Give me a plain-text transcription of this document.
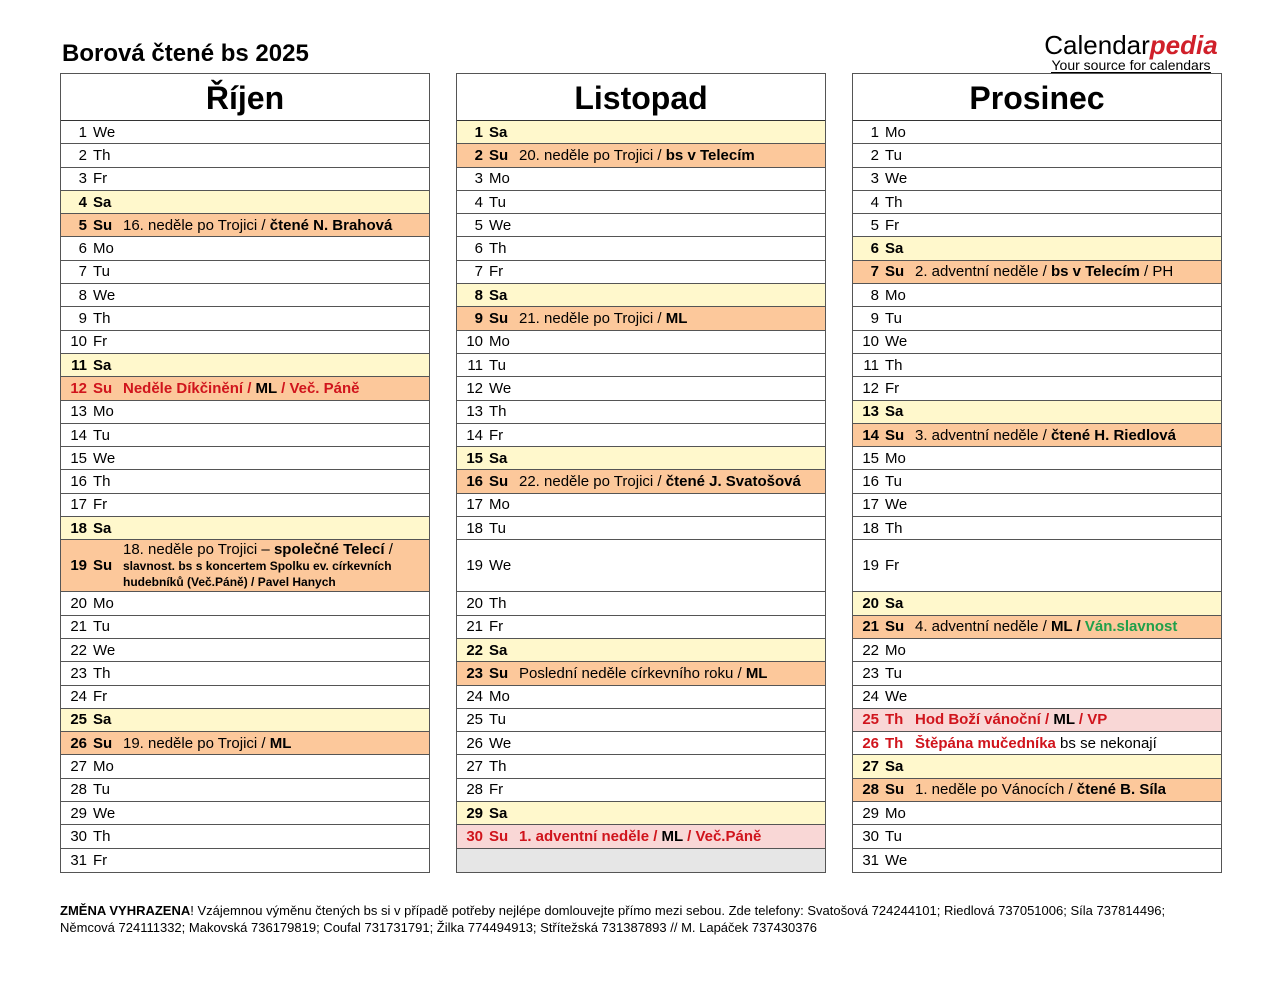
Borová čtené bs 2025	Calendarpedia
Your source for calendars
Říjen
1 We
2 Th
3 Fr
4 Sa
5 Su 16. neděle po Trojici / čtené N. Brahová
6 Mo
7 Tu
8 We
9 Th
10 Fr
11 Sa
12 Su Neděle Díkčinění / ML / Več. Páně
13 Mo
14 Tu
15 We
16 Th
17 Fr
18 Sa
19 Su
18. neděle po Trojici – společné Telecí / slavnost. bs s koncertem Spolku ev. církevních hudebníků (Več.Páně) / Pavel Hanych
20 Mo
21 Tu
22 We
23 Th
24 Fr
25 Sa
26 Su 19. neděle po Trojici / ML
27 Mo
28 Tu
29 We
30 Th
31 Fr
Listopad
1 Sa
2 Su 20. neděle po Trojici / bs v Telecím
3 Mo
4 Tu
5 We
6 Th
7 Fr
8 Sa
9 Su 21. neděle po Trojici / ML
10 Mo
11 Tu
12 We
13 Th
14 Fr
15 Sa
16 Su 22. neděle po Trojici / čtené J. Svatošová
17 Mo
18 Tu
19 We
20 Th
21 Fr
22 Sa
23 Su Poslední neděle církevního roku / ML
24 Mo
25 Tu
26 We
27 Th
28 Fr
29 Sa
30 Su 1. adventní neděle / ML / Več.Páně
Prosinec
1 Mo
2 Tu
3 We
4 Th
5 Fr
6 Sa
7 Su 2. adventní neděle / bs v Telecím / PH
8 Mo
9 Tu
10 We
11 Th
12 Fr
13 Sa
14 Su 3. adventní neděle / čtené H. Riedlová
15 Mo
16 Tu
17 We
18 Th
19 Fr
20 Sa
21 Su 4. adventní neděle / ML / Ván.slavnost
22 Mo
23 Tu
24 We
25 Th Hod Boží vánoční / ML / VP
26 Th Štěpána mučedníka bs se nekonají
27 Sa
28 Su 1. neděle po Vánocích / čtené B. Síla
29 Mo
30 Tu
31 We
ZMĚNA VYHRAZENA! Vzájemnou výměnu čtených bs si v případě potřeby nejlépe domlouvejte přímo mezi sebou. Zde telefony: Svatošová 724244101; Riedlová 737051006; Síla 737814496; Němcová 724111332; Makovská 736179819; Coufal 731731791; Žilka 774494913; Střítežská 731387893 // M. Lapáček 737430376
